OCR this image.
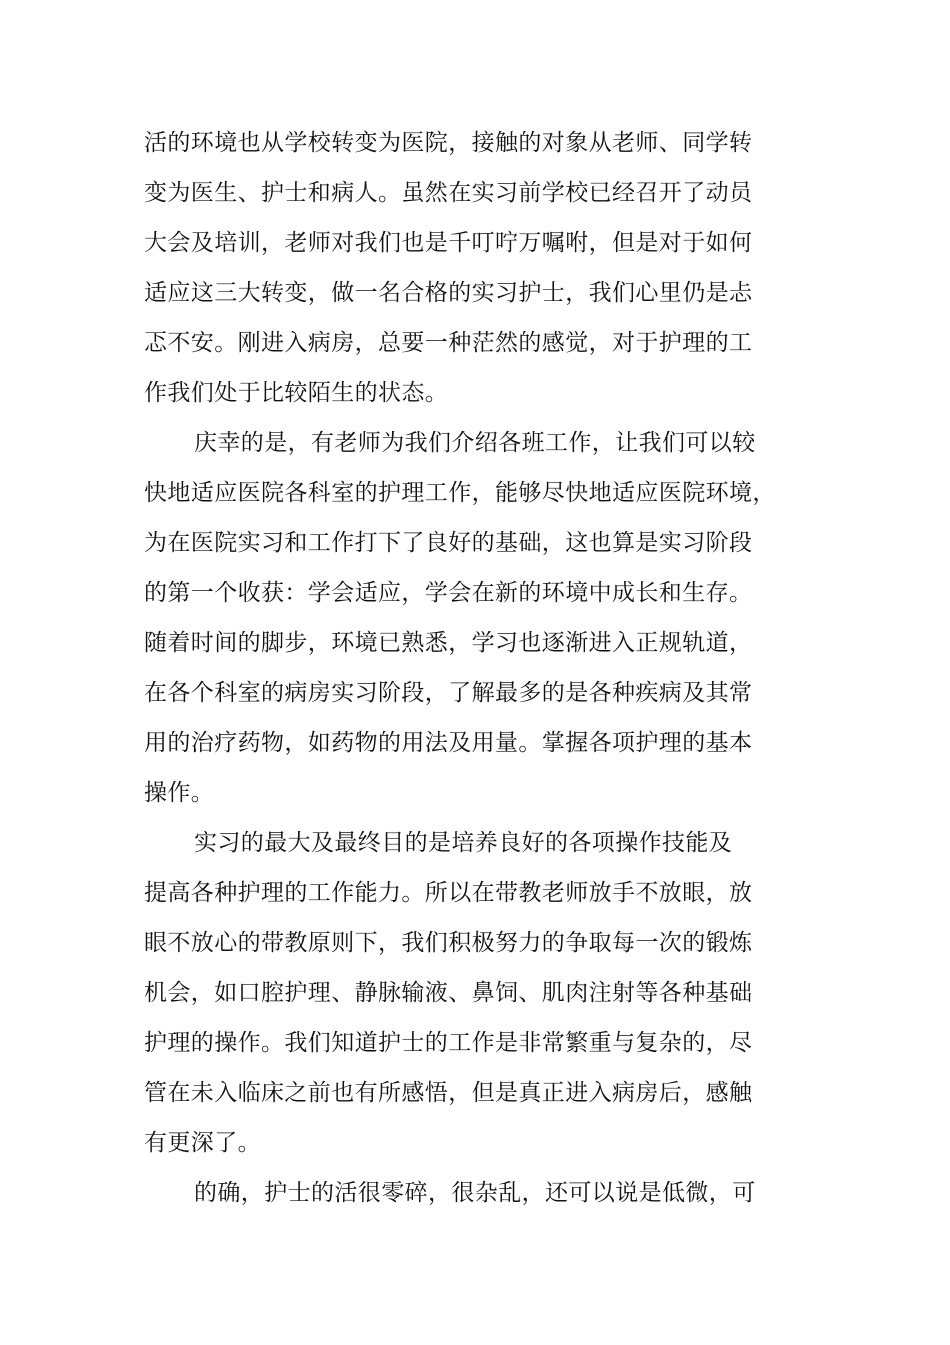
活的环境也从学校转变为医院，接触的对象从老师、同学转
变为医生、护士和病人。虽然在实习前学校已经召开了动员
大会及培训，老师对我们也是千叮咛万嘱咐，但是对于如何
适应这三大转变，做一名合格的实习护士，我们心里仍是忐
忑不安。刚进入病房，总要一种茫然的感觉，对于护理的工
作我们处于比较陌生的状态。
庆幸的是，有老师为我们介绍各班工作，让我们可以较
快地适应医院各科室的护理工作，能够尽快地适应医院环境，
为在医院实习和工作打下了良好的基础，这也算是实习阶段
的第一个收获：学会适应，学会在新的环境中成长和生存。
随着时间的脚步，环境已熟悉，学习也逐渐进入正规轨道，
在各个科室的病房实习阶段，了解最多的是各种疾病及其常
用的治疗药物，如药物的用法及用量。掌握各项护理的基本
操作。
实习的最大及最终目的是培养良好的各项操作技能及
提高各种护理的工作能力。所以在带教老师放手不放眼，放
眼不放心的带教原则下，我们积极努力的争取每一次的锻炼
机会，如口腔护理、静脉输液、鼻饲、肌肉注射等各种基础
护理的操作。我们知道护士的工作是非常繁重与复杂的，尽
管在未入临床之前也有所感悟，但是真正进入病房后，感触
有更深了。
的确，护士的活很零碎，很杂乱，还可以说是低微，可
